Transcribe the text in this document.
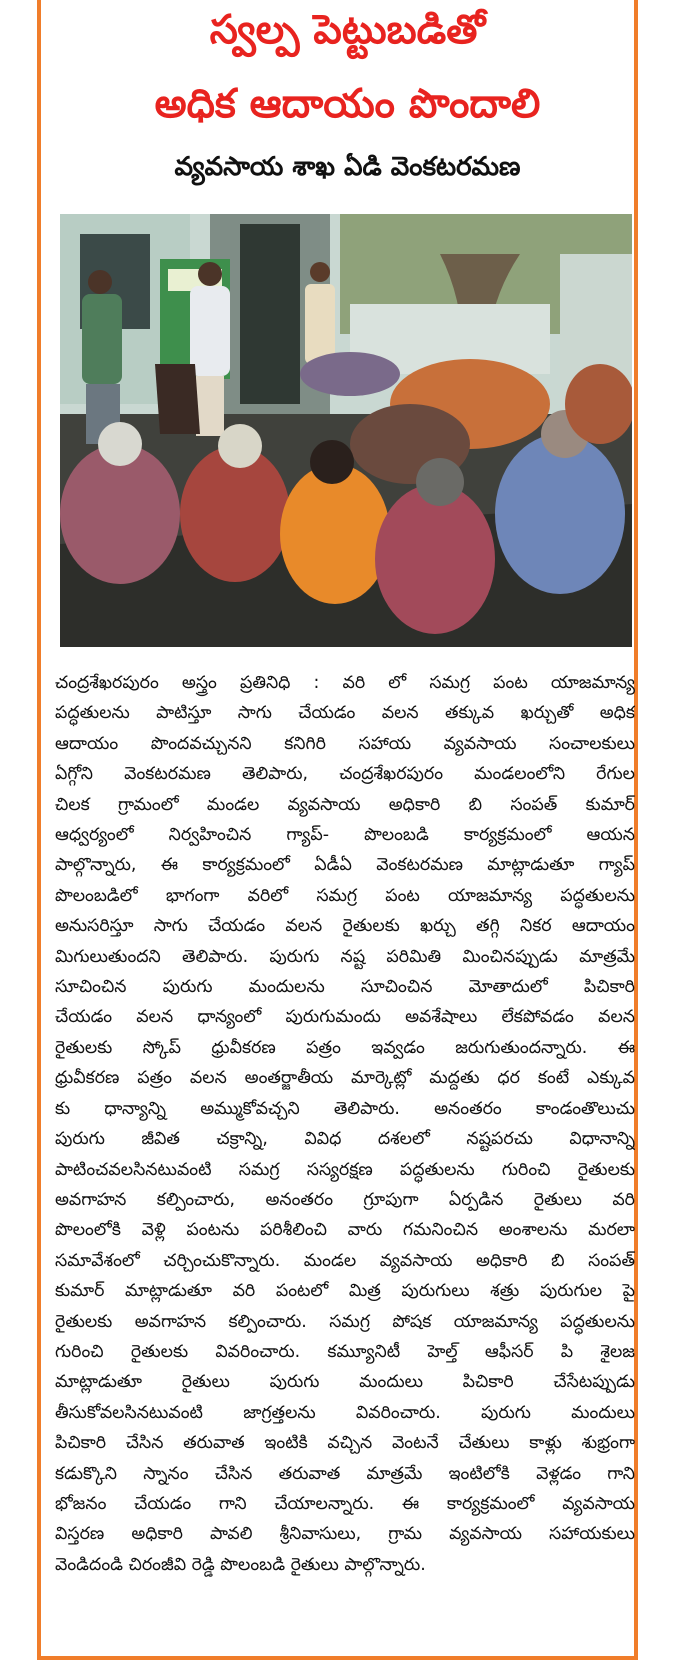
స్వల్ప పెట్టుబడితో
అధిక ఆదాయం పొందాలి
వ్యవసాయ శాఖ ఏడి వెంకటరమణ

చంద్రశేఖరపురం అస్త్రం ప్రతినిధి : వరి లో సమగ్ర పంట యాజమాన్య
పద్ధతులను పాటిస్తూ సాగు చేయడం వలన తక్కువ ఖర్చుతో అధిక
ఆదాయం పొందవచ్చునని కనిగిరి సహాయ వ్యవసాయ సంచాలకులు
ఏగ్గోని వెంకటరమణ తెలిపారు, చంద్రశేఖరపురం మండలంలోని రేగుల
చిలక గ్రామంలో మండల వ్యవసాయ అధికారి బి సంపత్ కుమార్
ఆధ్వర్యంలో నిర్వహించిన గ్యాప్- పొలంబడి కార్యక్రమంలో ఆయన
పాల్గొన్నారు, ఈ కార్యక్రమంలో ఏడీఏ వెంకటరమణ మాట్లాడుతూ గ్యాప్
పొలంబడిలో భాగంగా వరిలో సమగ్ర పంట యాజమాన్య పద్ధతులను
అనుసరిస్తూ సాగు చేయడం వలన రైతులకు ఖర్చు తగ్గి నికర ఆదాయం
మిగులుతుందని తెలిపారు. పురుగు నష్ట పరిమితి మించినప్పుడు మాత్రమే
సూచించిన పురుగు మందులను సూచించిన మోతాదులో పిచికారి
చేయడం వలన ధాన్యంలో పురుగుమందు అవశేషాలు లేకపోవడం వలన
రైతులకు స్కోప్ ధ్రువీకరణ పత్రం ఇవ్వడం జరుగుతుందన్నారు. ఈ
ధ్రువీకరణ పత్రం వలన అంతర్జాతీయ మార్కెట్లో మద్దతు ధర కంటే ఎక్కువ
కు ధాన్యాన్ని అమ్ముకోవచ్చని తెలిపారు. అనంతరం కాండంతొలుచు
పురుగు జీవిత చక్రాన్ని, వివిధ దశలలో నష్టపరచు విధానాన్ని
పాటించవలసినటువంటి సమగ్ర సస్యరక్షణ పద్ధతులను గురించి రైతులకు
అవగాహన కల్పించారు, అనంతరం గ్రూపుగా ఏర్పడిన రైతులు వరి
పొలంలోకి వెళ్లి పంటను పరిశీలించి వారు గమనించిన అంశాలను మరలా
సమావేశంలో చర్చించుకొన్నారు. మండల వ్యవసాయ అధికారి బి సంపత్
కుమార్ మాట్లాడుతూ వరి పంటలో మిత్ర పురుగులు శత్రు పురుగుల పై
రైతులకు అవగాహన కల్పించారు. సమగ్ర పోషక యాజమాన్య పద్ధతులను
గురించి రైతులకు వివరించారు. కమ్యూనిటీ హెల్త్ ఆఫీసర్ పి శైలజ
మాట్లాడుతూ రైతులు పురుగు మందులు పిచికారి చేసేటప్పుడు
తీసుకోవలసినటువంటి జాగ్రత్తలను వివరించారు. పురుగు మందులు
పిచికారి చేసిన తరువాత ఇంటికి వచ్చిన వెంటనే చేతులు కాళ్లు శుభ్రంగా
కడుక్కొని స్నానం చేసిన తరువాత మాత్రమే ఇంటిలోకి వెళ్లడం గాని
భోజనం చేయడం గాని చేయాలన్నారు. ఈ కార్యక్రమంలో వ్యవసాయ
విస్తరణ అధికారి పావలి శ్రీనివాసులు, గ్రామ వ్యవసాయ సహాయకులు
వెండిదండి చిరంజీవి రెడ్డి పొలంబడి రైతులు పాల్గొన్నారు.
